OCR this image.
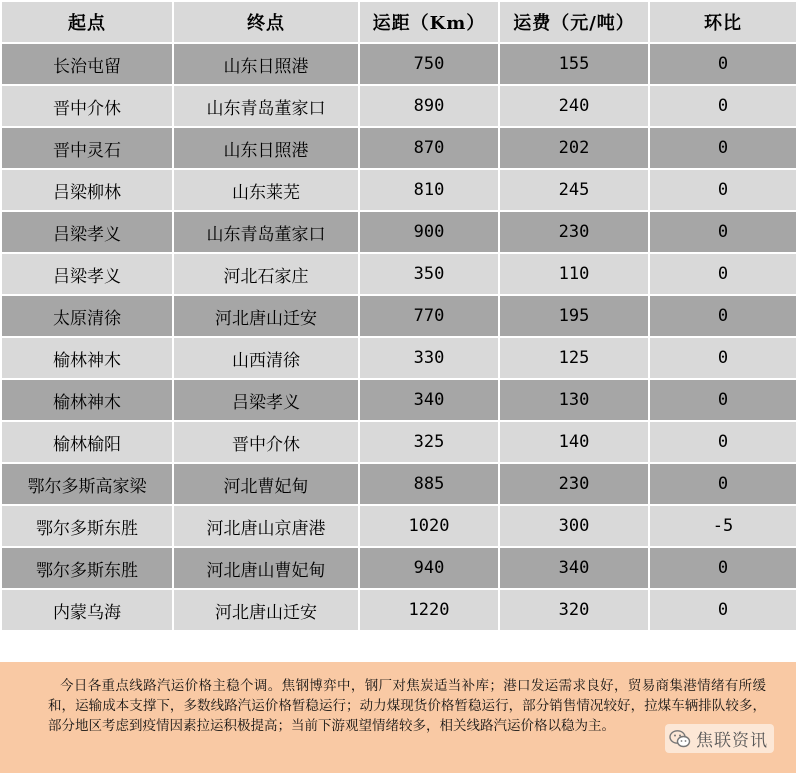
起点	终点	运距（Km）	运费（元/吨）	环比
长治屯留	山东日照港	750	155	0
晋中介休	山东青岛董家口	890	240	0
晋中灵石	山东日照港	870	202	0
吕梁柳林	山东莱芜	810	245	0
吕梁孝义	山东青岛董家口	900	230	0
吕梁孝义	河北石家庄	350	110	0
太原清徐	河北唐山迁安	770	195	0
榆林神木	山西清徐	330	125	0
榆林神木	吕梁孝义	340	130	0
榆林榆阳	晋中介休	325	140	0
鄂尔多斯高家梁	河北曹妃甸	885	230	0
鄂尔多斯东胜	河北唐山京唐港	1020	300	-5
鄂尔多斯东胜	河北唐山曹妃甸	940	340	0
内蒙乌海	河北唐山迁安	1220	320	0
今日各重点线路汽运价格主稳个调。焦钢博弈中，钢厂对焦炭适当补库；港口发运需求良好，贸易商集港情绪有所缓和，运输成本支撑下，多数线路汽运价格暂稳运行；动力煤现货价格暂稳运行，部分销售情况较好，拉煤车辆排队较多，部分地区考虑到疫情因素拉运积极提高；当前下游观望情绪较多，相关线路汽运价格以稳为主。
焦联资讯
